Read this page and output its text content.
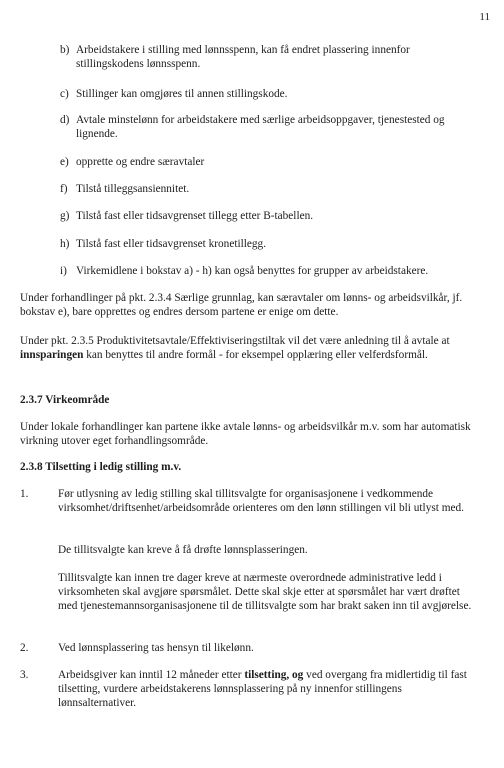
11
b) Arbeidstakere i stilling med lønnsspenn, kan få endret plassering innenfor stillingskodens lønnsspenn.
c) Stillinger kan omgjøres til annen stillingskode.
d) Avtale minstelønn for arbeidstakere med særlige arbeidsoppgaver, tjenestested og lignende.
e) opprette og endre særavtaler
f) Tilstå tilleggsansiennitet.
g) Tilstå fast eller tidsavgrenset tillegg etter B-tabellen.
h) Tilstå fast eller tidsavgrenset kronetillegg.
i) Virkemidlene i bokstav a) - h) kan også benyttes for grupper av arbeidstakere.
Under forhandlinger på pkt. 2.3.4 Særlige grunnlag, kan særavtaler om lønns- og arbeidsvilkår, jf. bokstav e), bare opprettes og endres dersom partene er enige om dette.
Under pkt. 2.3.5 Produktivitetsavtale/Effektiviseringstiltak vil det være anledning til å avtale at innsparingen kan benyttes til andre formål - for eksempel opplæring eller velferdsformål.
2.3.7 Virkeområde
Under lokale forhandlinger kan partene ikke avtale lønns- og arbeidsvilkår m.v. som har automatisk virkning utover eget forhandlingsområde.
2.3.8 Tilsetting i ledig stilling m.v.
1.	Før utlysning av ledig stilling skal tillitsvalgte for organisasjonene i vedkommende virksomhet/driftsenhet/arbeidsområde orienteres om den lønn stillingen vil bli utlyst med.
De tillitsvalgte kan kreve å få drøfte lønnsplasseringen.
Tillitsvalgte kan innen tre dager kreve at nærmeste overordnede administrative ledd i virksomheten skal avgjøre spørsmålet. Dette skal skje etter at spørsmålet har vært drøftet med tjenestemannsorganisasjonene til de tillitsvalgte som har brakt saken inn til avgjørelse.
2.	Ved lønnsplassering tas hensyn til likelønn.
3.	Arbeidsgiver kan inntil 12 måneder etter tilsetting, og ved overgang fra midlertidig til fast tilsetting, vurdere arbeidstakerens lønnsplassering på ny innenfor stillingens lønnsalternativer.
